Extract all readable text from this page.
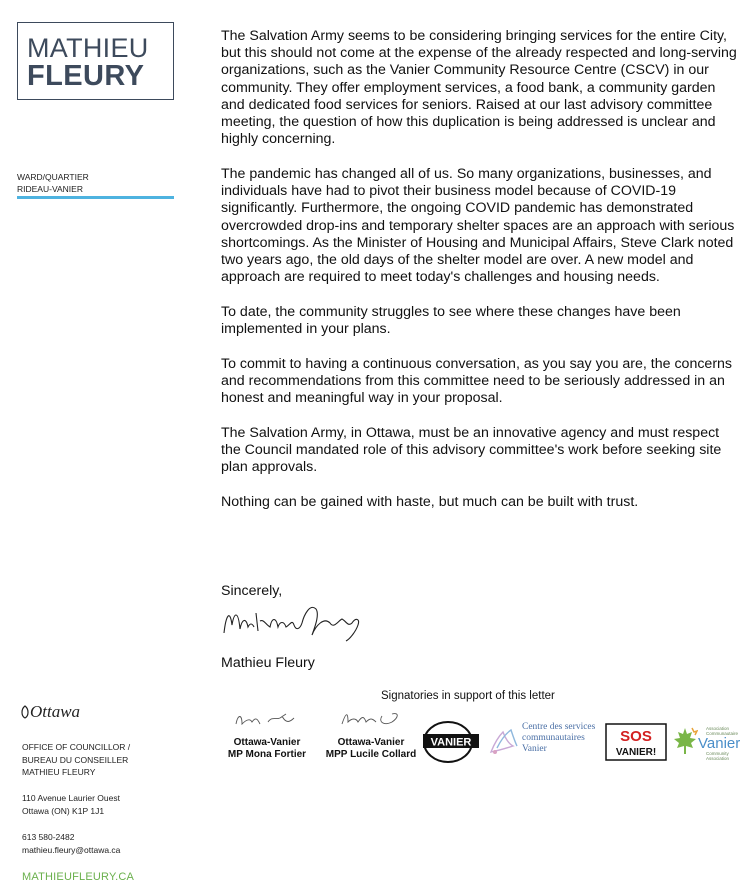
MATHIEU
FLEURY
WARD/QUARTIER
RIDEAU-VANIER

The Salvation Army seems to be considering bringing services for the entire City, but this should not come at the expense of the already respected and long-serving organizations, such as the Vanier Community Resource Centre (CSCV) in our community. They offer employment services, a food bank, a community garden and dedicated food services for seniors. Raised at our last advisory committee meeting, the question of how this duplication is being addressed is unclear and highly concerning.

The pandemic has changed all of us. So many organizations, businesses, and individuals have had to pivot their business model because of COVID-19 significantly. Furthermore, the ongoing COVID pandemic has demonstrated overcrowded drop-ins and temporary shelter spaces are an approach with serious shortcomings. As the Minister of Housing and Municipal Affairs, Steve Clark noted two years ago, the old days of the shelter model are over. A new model and approach are required to meet today's challenges and housing needs.

To date, the community struggles to see where these changes have been implemented in your plans.

To commit to having a continuous conversation, as you say you are, the concerns and recommendations from this committee need to be seriously addressed in an honest and meaningful way in your proposal.

The Salvation Army, in Ottawa, must be an innovative agency and must respect the Council mandated role of this advisory committee's work before seeking site plan approvals.

Nothing can be gained with haste, but much can be built with trust.

Sincerely,
Mathieu Fleury
Ottawa
OFFICE OF COUNCILLOR /
BUREAU DU CONSEILLER
MATHIEU FLEURY
110 Avenue Laurier Ouest
Ottawa (ON) K1P 1J1
613 580-2482
mathieu.fleury@ottawa.ca
MATHIEUFLEURY.CA
Signatories in support of this letter
Ottawa-Vanier
MP Mona Fortier
Ottawa-Vanier
MPP Lucile Collard
VANIER
Centre des services
communautaires
Vanier
SOS
VANIER!
Association Communautaire
Vanier
Community Association
